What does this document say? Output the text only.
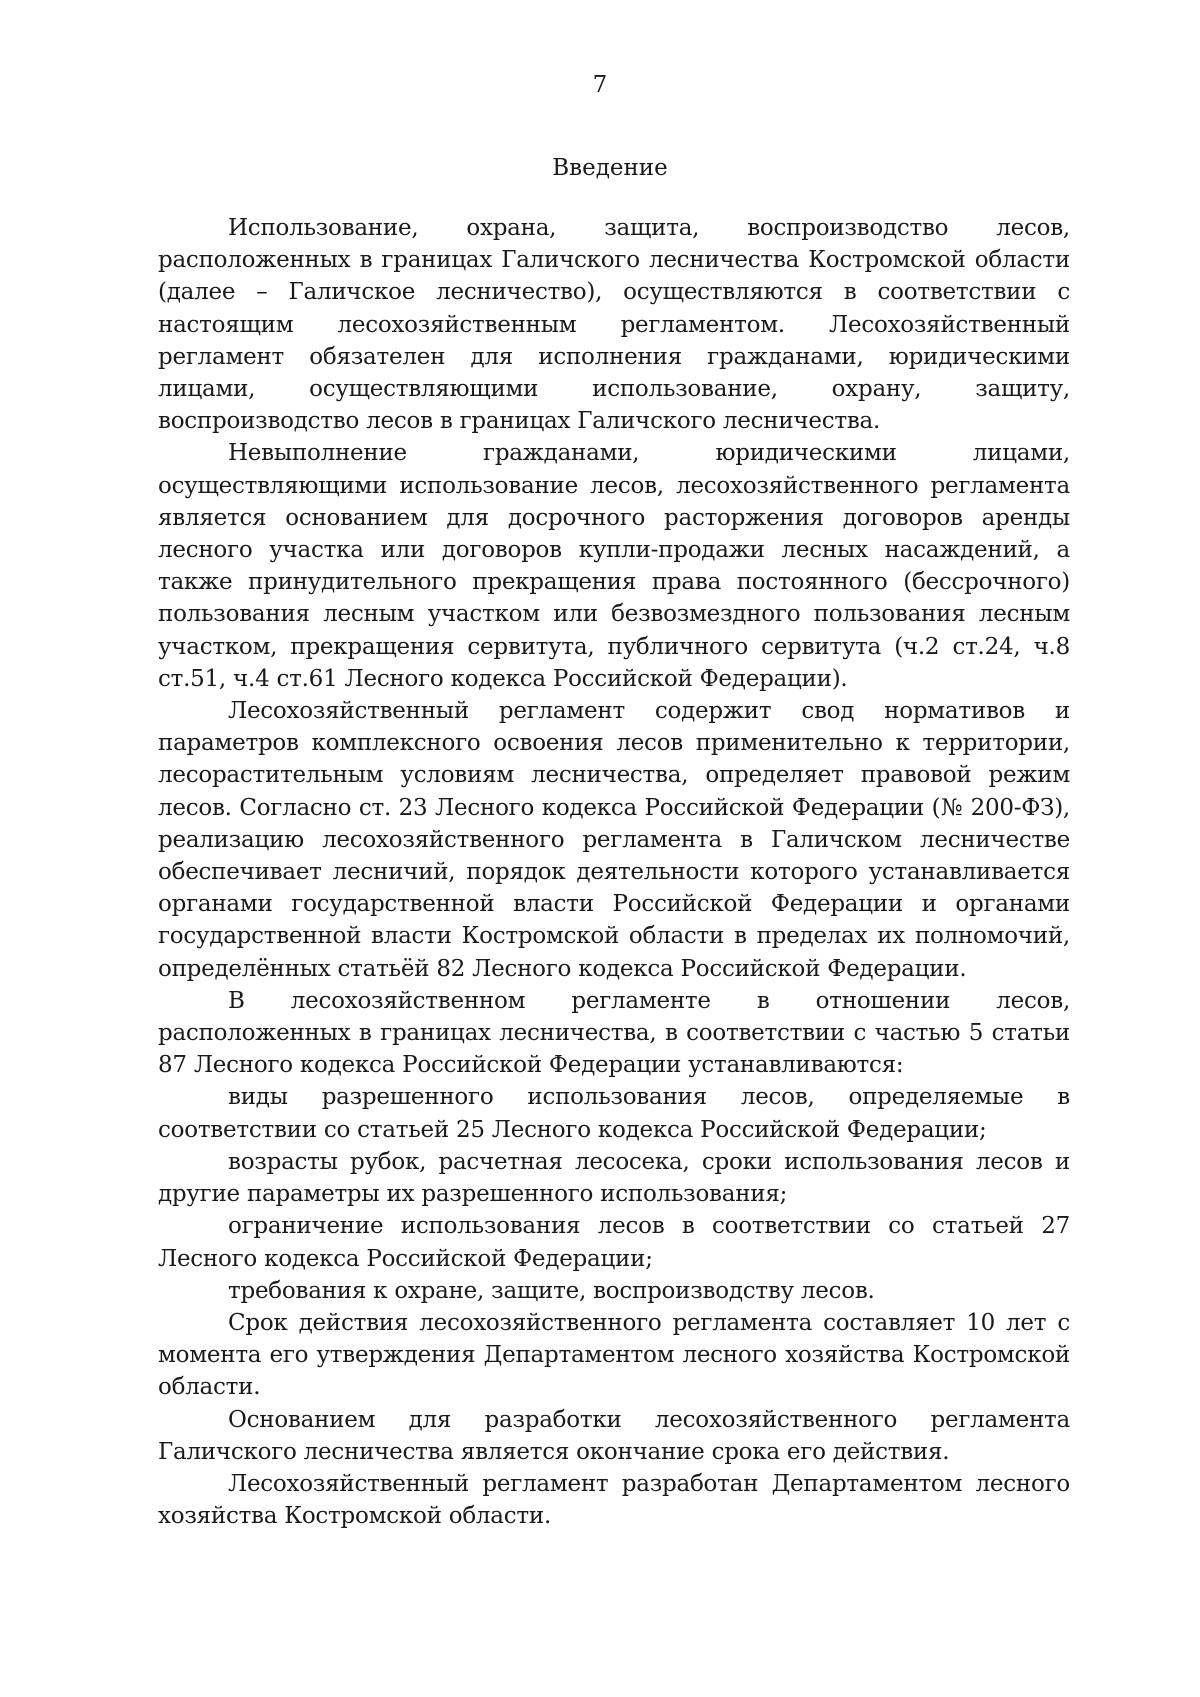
7
Введение

Использование, охрана, защита, воспроизводство лесов, расположенных в границах Галичского лесничества Костромской области (далее – Галичское лесничество), осуществляются в соответствии с настоящим лесохозяйственным регламентом. Лесохозяйственный регламент обязателен для исполнения гражданами, юридическими лицами, осуществляющими использование, охрану, защиту, воспроизводство лесов в границах Галичского лесничества.

Невыполнение гражданами, юридическими лицами, осуществляющими использование лесов, лесохозяйственного регламента является основанием для досрочного расторжения договоров аренды лесного участка или договоров купли-продажи лесных насаждений, а также принудительного прекращения права постоянного (бессрочного) пользования лесным участком или безвозмездного пользования лесным участком, прекращения сервитута, публичного сервитута (ч.2 ст.24, ч.8 ст.51, ч.4 ст.61 Лесного кодекса Российской Федерации).

Лесохозяйственный регламент содержит свод нормативов и параметров комплексного освоения лесов применительно к территории, лесорастительным условиям лесничества, определяет правовой режим лесов. Согласно ст. 23 Лесного кодекса Российской Федерации (№ 200-ФЗ), реализацию лесохозяйственного регламента в Галичском лесничестве обеспечивает лесничий, порядок деятельности которого устанавливается органами государственной власти Российской Федерации и органами государственной власти Костромской области в пределах их полномочий, определённых статьёй 82 Лесного кодекса Российской Федерации.

В лесохозяйственном регламенте в отношении лесов, расположенных в границах лесничества, в соответствии с частью 5 статьи 87 Лесного кодекса Российской Федерации устанавливаются:

виды разрешенного использования лесов, определяемые в соответствии со статьей 25 Лесного кодекса Российской Федерации;

возрасты рубок, расчетная лесосека, сроки использования лесов и другие параметры их разрешенного использования;

ограничение использования лесов в соответствии со статьей 27 Лесного кодекса Российской Федерации;

требования к охране, защите, воспроизводству лесов.

Срок действия лесохозяйственного регламента составляет 10 лет с момента его утверждения Департаментом лесного хозяйства Костромской области.

Основанием для разработки лесохозяйственного регламента Галичского лесничества является окончание срока его действия.

Лесохозяйственный регламент разработан Департаментом лесного хозяйства Костромской области.
